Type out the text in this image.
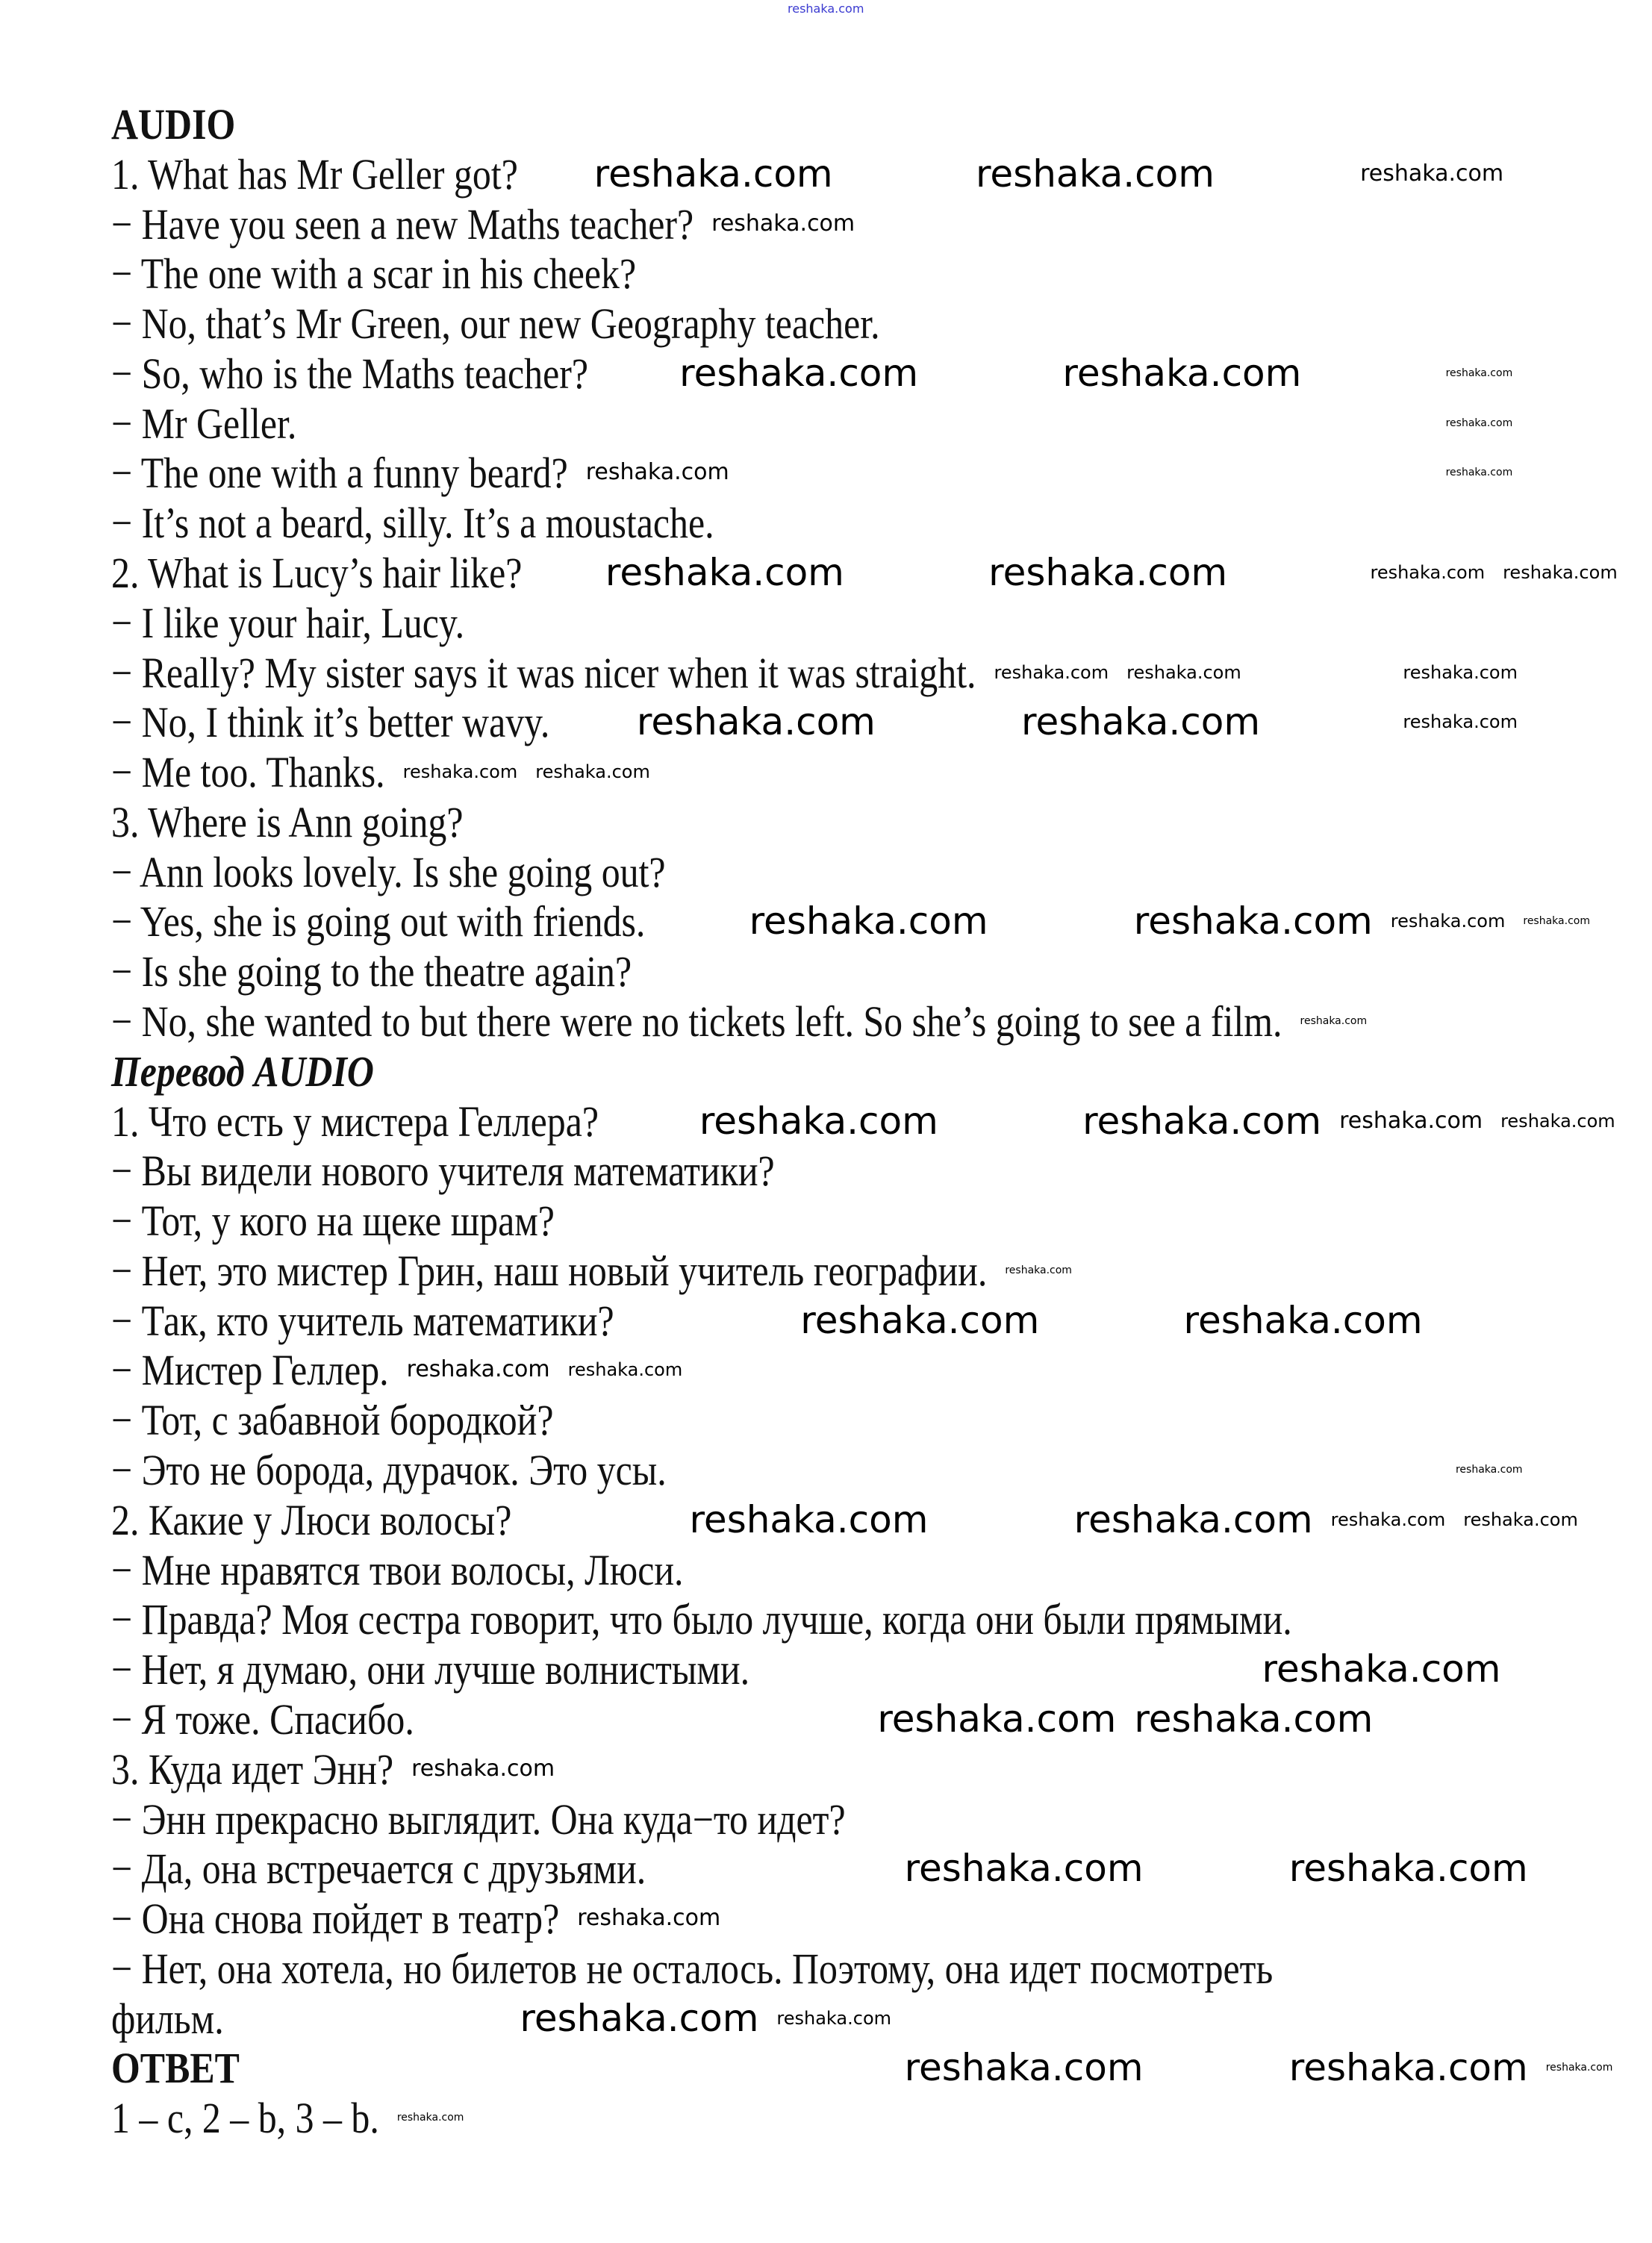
reshaka.com
AUDIO
1. What has Mr Geller got?
− Have you seen a new Maths teacher?
− The one with a scar in his cheek?
− No, that’s Mr Green, our new Geography teacher.
− So, who is the Maths teacher?
− Mr Geller.
− The one with a funny beard?
− It’s not a beard, silly. It’s a moustache.
2. What is Lucy’s hair like?
− I like your hair, Lucy.
− Really? My sister says it was nicer when it was straight.
− No, I think it’s better wavy.
− Me too. Thanks.
3. Where is Ann going?
− Ann looks lovely. Is she going out?
− Yes, she is going out with friends.
− Is she going to the theatre again?
− No, she wanted to but there were no tickets left. So she’s going to see a film.
Перевод AUDIO
1. Что есть у мистера Геллера?
− Вы видели нового учителя математики?
− Тот, у кого на щеке шрам?
− Нет, это мистер Грин, наш новый учитель географии.
− Так, кто учитель математики?
− Мистер Геллер.
− Тот, с забавной бородкой?
− Это не борода, дурачок. Это усы.
2. Какие у Люси волосы?
− Мне нравятся твои волосы, Люси.
− Правда? Моя сестра говорит, что было лучше, когда они были прямыми.
− Нет, я думаю, они лучше волнистыми.
− Я тоже. Спасибо.
3. Куда идет Энн?
− Энн прекрасно выглядит. Она куда−то идет?
− Да, она встречается с друзьями.
− Она снова пойдет в театр?
− Нет, она хотела, но билетов не осталось. Поэтому, она идет посмотреть
фильм.
ОТВЕТ
1 – c, 2 – b, 3 – b.
reshaka.com	reshaka.com
reshaka.com	reshaka.com
reshaka.com	reshaka.com
reshaka.com	reshaka.com
reshaka.com	reshaka.com
reshaka.com	reshaka.com
reshaka.com	reshaka.com
reshaka.com	reshaka.com
reshaka.com
reshaka.com
reshaka.com	reshaka.com
reshaka.com
reshaka.com	reshaka.com
reshaka.com
reshaka.com
reshaka.com
reshaka.com
reshaka.com
reshaka.com
reshaka.com
reshaka.com
reshaka.com
reshaka.com
reshaka.com reshaka.com
reshaka.com reshaka.com
reshaka.com reshaka.com
reshaka.com
reshaka.com
reshaka.com reshaka.com
reshaka.com
reshaka.com
reshaka.com
reshaka.com
reshaka.com
reshaka.com
reshaka.com
reshaka.com
reshaka.com
reshaka.com
reshaka.com
